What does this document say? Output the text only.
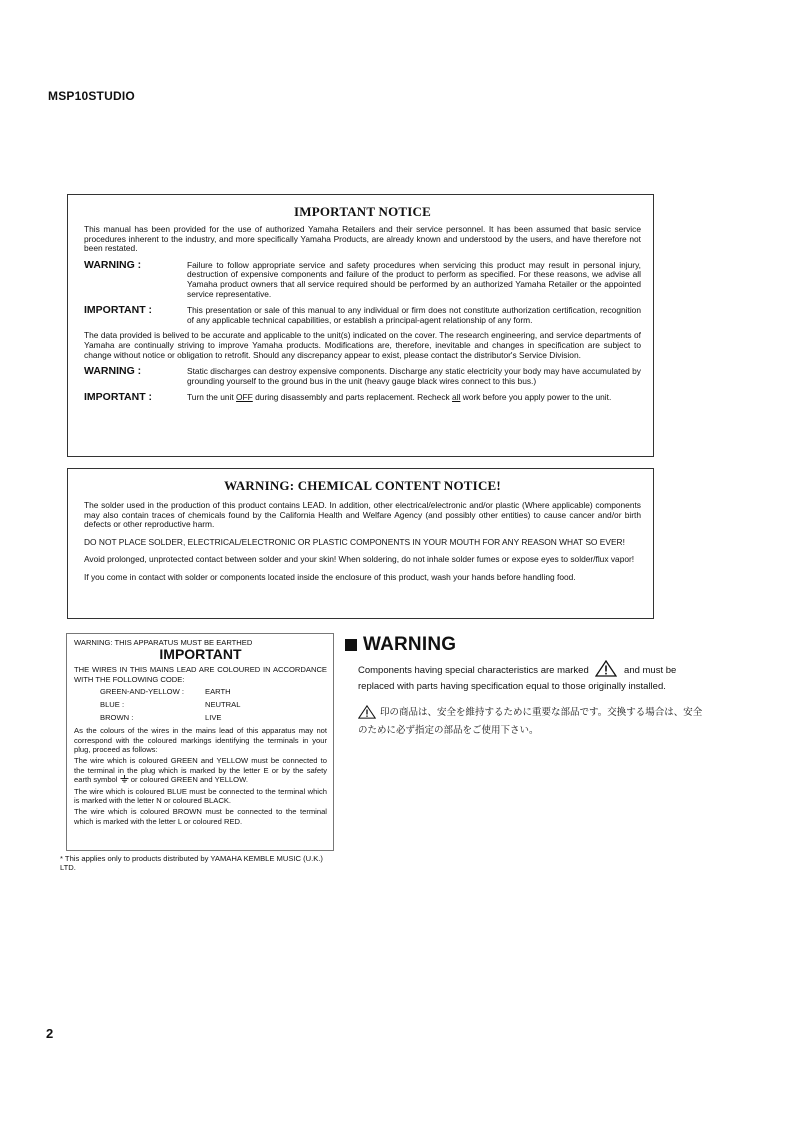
MSP10STUDIO
IMPORTANT NOTICE

This manual has been provided for the use of authorized Yamaha Retailers and their service personnel. It has been assumed that basic service procedures inherent to the industry, and more specifically Yamaha Products, are already known and understood by the users, and have therefore not been restated.

WARNING :	Failure to follow appropriate service and safety procedures when servicing this product may result in personal injury, destruction of expensive components and failure of the product to perform as specified. For these reasons, we advise all Yamaha product owners that all service required should be performed by an authorized Yamaha Retailer or the appointed service representative.
IMPORTANT :	This presentation or sale of this manual to any individual or firm does not constitute authorization certification, recognition of any applicable technical capabilities, or establish a principal-agent relationship of any form.

The data provided is belived to be accurate and applicable to the unit(s) indicated on the cover. The research engineering, and service departments of Yamaha are continually striving to improve Yamaha products. Modifications are, therefore, inevitable and changes in specification are subject to change without notice or obligation to retrofit. Should any discrepancy appear to exist, please contact the distributor's Service Division.

WARNING :	Static discharges can destroy expensive components. Discharge any static electricity your body may have accumulated by grounding yourself to the ground bus in the unit (heavy gauge black wires connect to this bus.)
IMPORTANT :	Turn the unit OFF during disassembly and parts replacement. Recheck all work before you apply power to the unit.
WARNING: CHEMICAL CONTENT NOTICE!

The solder used in the production of this product contains LEAD. In addition, other electrical/electronic and/or plastic (Where applicable) components may also contain traces of chemicals found by the California Health and Welfare Agency (and possibly other entities) to cause cancer and/or birth defects or other reproductive harm.

DO NOT PLACE SOLDER, ELECTRICAL/ELECTRONIC OR PLASTIC COMPONENTS IN YOUR MOUTH FOR ANY REASON WHAT SO EVER!

Avoid prolonged, unprotected contact between solder and your skin! When soldering, do not inhale solder fumes or expose eyes to solder/flux vapor!

If you come in contact with solder or components located inside the enclosure of this product, wash your hands before handling food.

WARNING: THIS APPARATUS MUST BE EARTHED
IMPORTANT
THE WIRES IN THIS MAINS LEAD ARE COLOURED IN ACCORDANCE WITH THE FOLLOWING CODE:
GREEN-AND-YELLOW :	EARTH
BLUE :	NEUTRAL
BROWN :	LIVE

As the colours of the wires in the mains lead of this apparatus may not correspond with the coloured markings identifying the terminals in your plug, proceed as follows:

The wire which is coloured GREEN and YELLOW must be connected to the terminal in the plug which is marked by the letter E or by the safety earth symbol or coloured GREEN and YELLOW.

The wire which is coloured BLUE must be connected to the terminal which is marked with the letter N or coloured BLACK.

The wire which is coloured BROWN must be connected to the terminal which is marked with the letter L or coloured RED.

* This applies only to products distributed by YAMAHA KEMBLE MUSIC (U.K.) LTD.
WARNING
Components having special characteristics are marked	and must be replaced with parts having specification equal to those originally installed.
印の商品は、安全を維持するために重要な部品です。交換する場合は、安全のために必ず指定の部品をご使用下さい。
2
